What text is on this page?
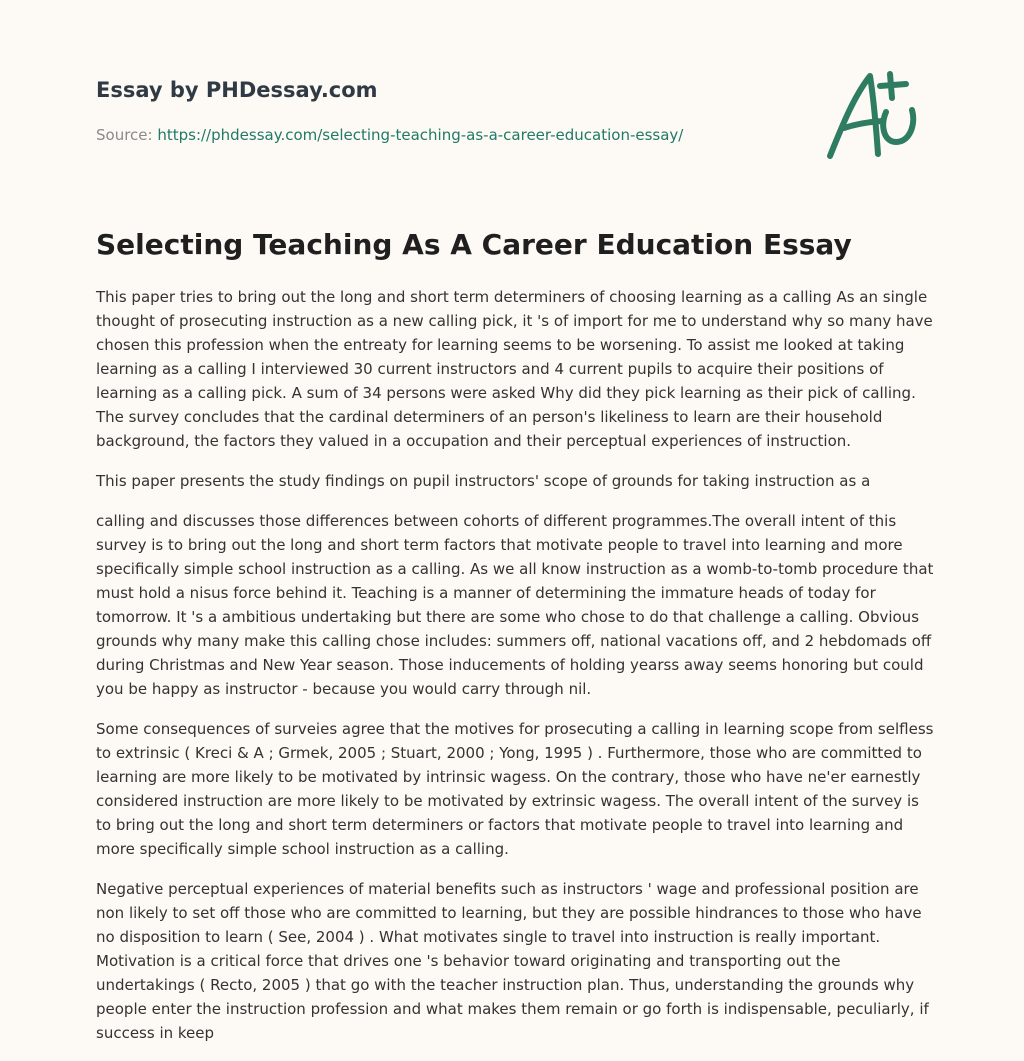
Essay by PHDessay.com
Source: https://phdessay.com/selecting-teaching-as-a-career-education-essay/
Selecting Teaching As A Career Education Essay

This paper tries to bring out the long and short term determiners of choosing learning as a calling As an single thought of prosecuting instruction as a new calling pick, it 's of import for me to understand why so many have chosen this profession when the entreaty for learning seems to be worsening. To assist me looked at taking learning as a calling I interviewed 30 current instructors and 4 current pupils to acquire their positions of learning as a calling pick. A sum of 34 persons were asked Why did they pick learning as their pick of calling. The survey concludes that the cardinal determiners of an person's likeliness to learn are their household background, the factors they valued in a occupation and their perceptual experiences of instruction.

This paper presents the study findings on pupil instructors' scope of grounds for taking instruction as a

calling and discusses those differences between cohorts of different programmes.The overall intent of this survey is to bring out the long and short term factors that motivate people to travel into learning and more specifically simple school instruction as a calling. As we all know instruction as a womb-to-tomb procedure that must hold a nisus force behind it. Teaching is a manner of determining the immature heads of today for tomorrow. It 's a ambitious undertaking but there are some who chose to do that challenge a calling. Obvious grounds why many make this calling chose includes: summers off, national vacations off, and 2 hebdomads off during Christmas and New Year season. Those inducements of holding yearss away seems honoring but could you be happy as instructor - because you would carry through nil.

Some consequences of surveies agree that the motives for prosecuting a calling in learning scope from selfless to extrinsic ( Kreci & A ; Grmek, 2005 ; Stuart, 2000 ; Yong, 1995 ) . Furthermore, those who are committed to learning are more likely to be motivated by intrinsic wagess. On the contrary, those who have ne'er earnestly considered instruction are more likely to be motivated by extrinsic wagess. The overall intent of the survey is to bring out the long and short term determiners or factors that motivate people to travel into learning and more specifically simple school instruction as a calling.

Negative perceptual experiences of material benefits such as instructors ' wage and professional position are non likely to set off those who are committed to learning, but they are possible hindrances to those who have no disposition to learn ( See, 2004 ) . What motivates single to travel into instruction is really important. Motivation is a critical force that drives one 's behavior toward originating and transporting out the undertakings ( Recto, 2005 ) that go with the teacher instruction plan. Thus, understanding the grounds why people enter the instruction profession and what makes them remain or go forth is indispensable, peculiarly, if success in keep
